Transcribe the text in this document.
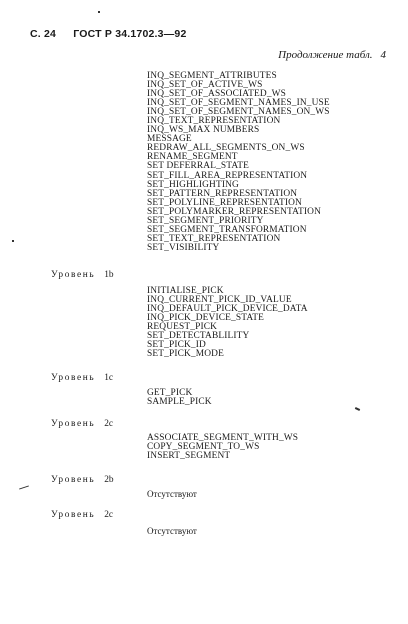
С. 24 ГОСТ Р 34.1702.3—92
Продолжение табл. 4
INQ_SEGMENT_ATTRIBUTES
INQ_SET_OF_ACTIVE_WS
INQ_SET_OF_ASSOCIATED_WS
INQ_SET_OF_SEGMENT_NAMES_IN_USE
INQ_SET_OF_SEGMENT_NAMES_ON_WS
INQ_TEXT_REPRESENTATION
INQ_WS_MAX NUMBERS
MESSAGE
REDRAW_ALL_SEGMENTS_ON_WS
RENAME_SEGMENT
SET DEFERRAL_STATE
SET_FILL_AREA_REPRESENTATION
SET_HIGHLIGHTING
SET_PATTERN_REPRESENTATION
SET_POLYLINE_REPRESENTATION
SET_POLYMARKER_REPRESENTATION
SET_SEGMENT_PRIORITY
SET_SEGMENT_TRANSFORMATION
SET_TEXT_REPRESENTATION
SET_VISIBILITY
Уровень 1b
INITIALISE_PICK
INQ_CURRENT_PICK_ID_VALUE
INQ_DEFAULT_PICK_DEVICE_DATA
INQ_PICK_DEVICE_STATE
REQUEST_PICK
SET_DETECTABLILITY
SET_PICK_ID
SET_PICK_MODE
Уровень 1c
GET_PICK
SAMPLE_PICK
Уровень 2c
ASSOCIATE_SEGMENT_WITH_WS
COPY_SEGMENT_TO_WS
INSERT_SEGMENT
Уровень 2b
Отсутствуют
Уровень 2c
Отсутствуют
